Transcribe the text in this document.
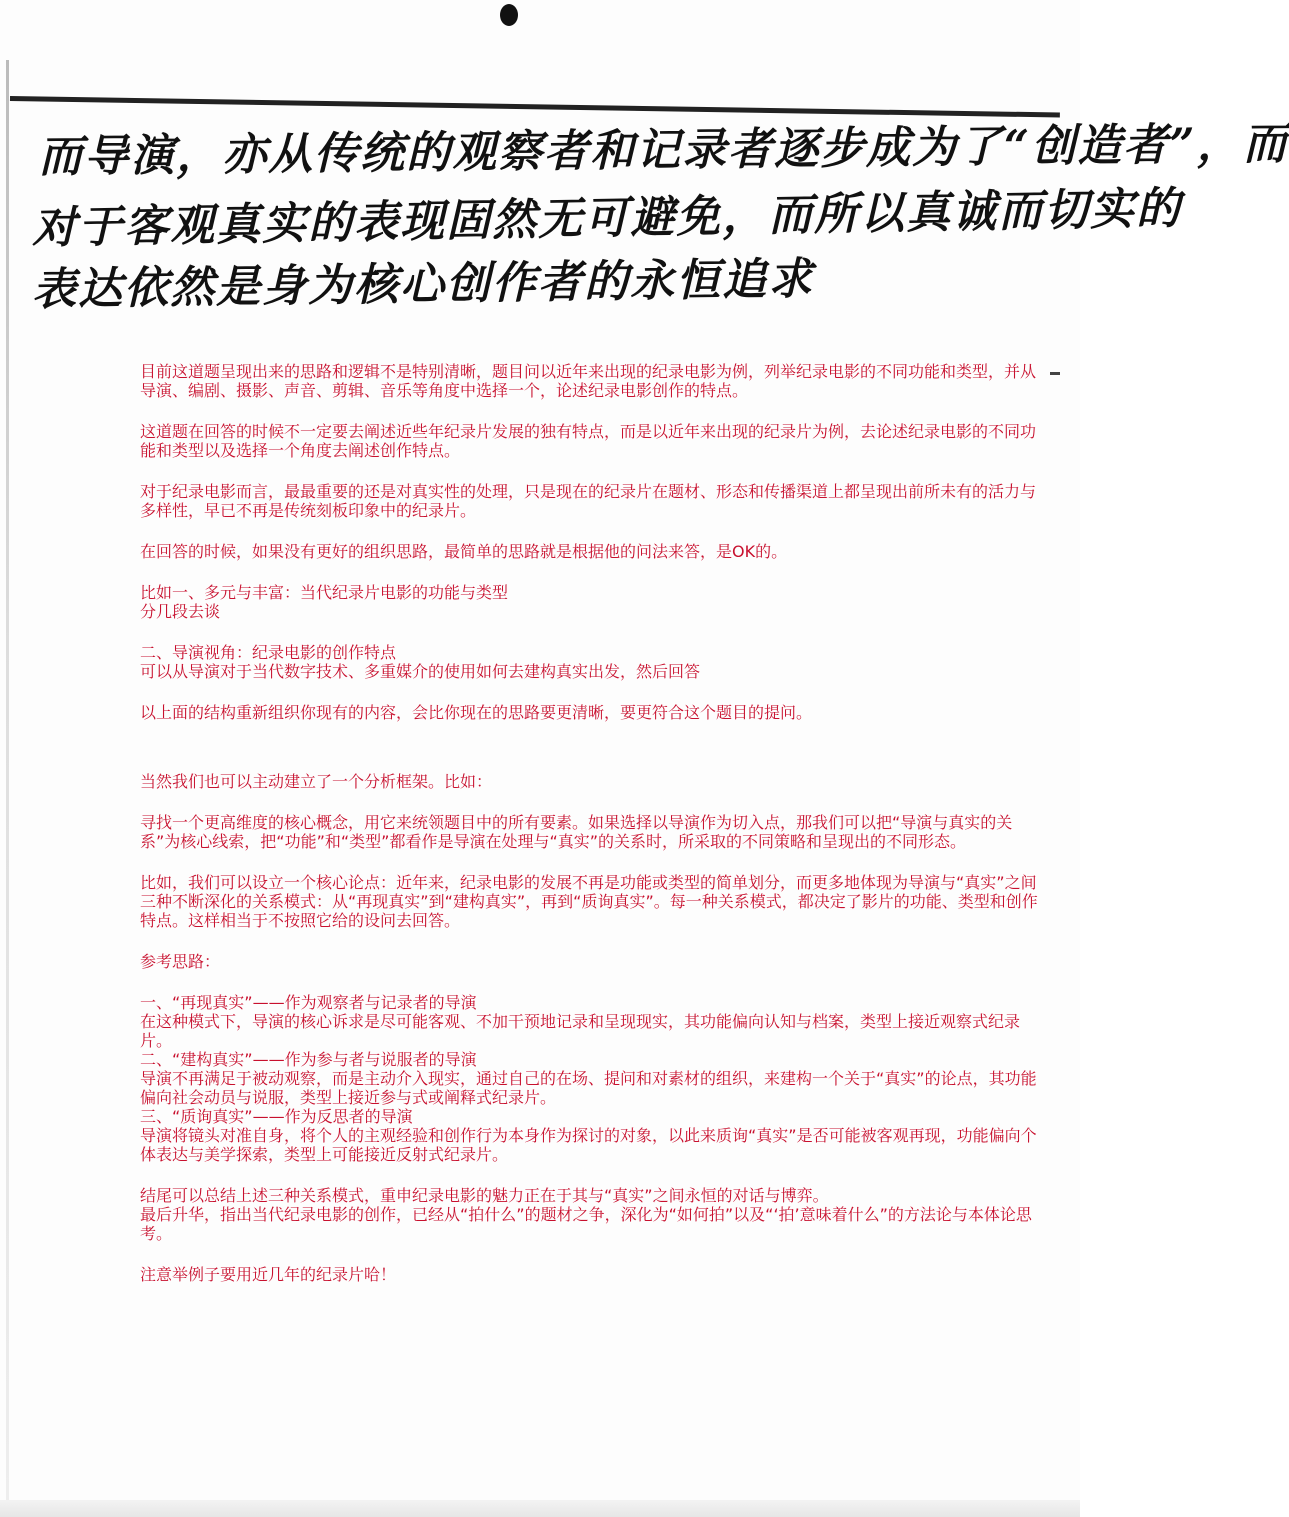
而导演，亦从传统的观察者和记录者逐步成为了“创造者”，而
对于客观真实的表现固然无可避免，而所以真诚而切实的
表达依然是身为核心创作者的永恒追求

目前这道题呈现出来的思路和逻辑不是特别清晰，题目问以近年来出现的纪录电影为例，列举纪录电影的不同功能和类型，并从导演、编剧、摄影、声音、剪辑、音乐等角度中选择一个，论述纪录电影创作的特点。

这道题在回答的时候不一定要去阐述近些年纪录片发展的独有特点，而是以近年来出现的纪录片为例，去论述纪录电影的不同功能和类型以及选择一个角度去阐述创作特点。

对于纪录电影而言，最最重要的还是对真实性的处理，只是现在的纪录片在题材、形态和传播渠道上都呈现出前所未有的活力与多样性，早已不再是传统刻板印象中的纪录片。

在回答的时候，如果没有更好的组织思路，最简单的思路就是根据他的问法来答，是OK的。

比如一、多元与丰富：当代纪录片电影的功能与类型

分几段去谈

二、导演视角：纪录电影的创作特点

可以从导演对于当代数字技术、多重媒介的使用如何去建构真实出发，然后回答

以上面的结构重新组织你现有的内容，会比你现在的思路要更清晰，要更符合这个题目的提问。

当然我们也可以主动建立了一个分析框架。比如：

寻找一个更高维度的核心概念，用它来统领题目中的所有要素。如果选择以导演作为切入点，那我们可以把“导演与真实的关系”为核心线索，把“功能”和“类型”都看作是导演在处理与“真实”的关系时，所采取的不同策略和呈现出的不同形态。

比如，我们可以设立一个核心论点：近年来，纪录电影的发展不再是功能或类型的简单划分，而更多地体现为导演与“真实”之间三种不断深化的关系模式：从“再现真实”到“建构真实”，再到“质询真实”。每一种关系模式，都决定了影片的功能、类型和创作特点。这样相当于不按照它给的设问去回答。

参考思路：

一、“再现真实”——作为观察者与记录者的导演

在这种模式下，导演的核心诉求是尽可能客观、不加干预地记录和呈现现实，其功能偏向认知与档案，类型上接近观察式纪录片。

二、“建构真实”——作为参与者与说服者的导演

导演不再满足于被动观察，而是主动介入现实，通过自己的在场、提问和对素材的组织，来建构一个关于“真实”的论点，其功能偏向社会动员与说服，类型上接近参与式或阐释式纪录片。

三、“质询真实”——作为反思者的导演

导演将镜头对准自身，将个人的主观经验和创作行为本身作为探讨的对象，以此来质询“真实”是否可能被客观再现，功能偏向个体表达与美学探索，类型上可能接近反射式纪录片。

结尾可以总结上述三种关系模式，重申纪录电影的魅力正在于其与“真实”之间永恒的对话与博弈。

最后升华，指出当代纪录电影的创作，已经从“拍什么”的题材之争，深化为“如何拍”以及“‘拍’意味着什么”的方法论与本体论思考。

注意举例子要用近几年的纪录片哈！
